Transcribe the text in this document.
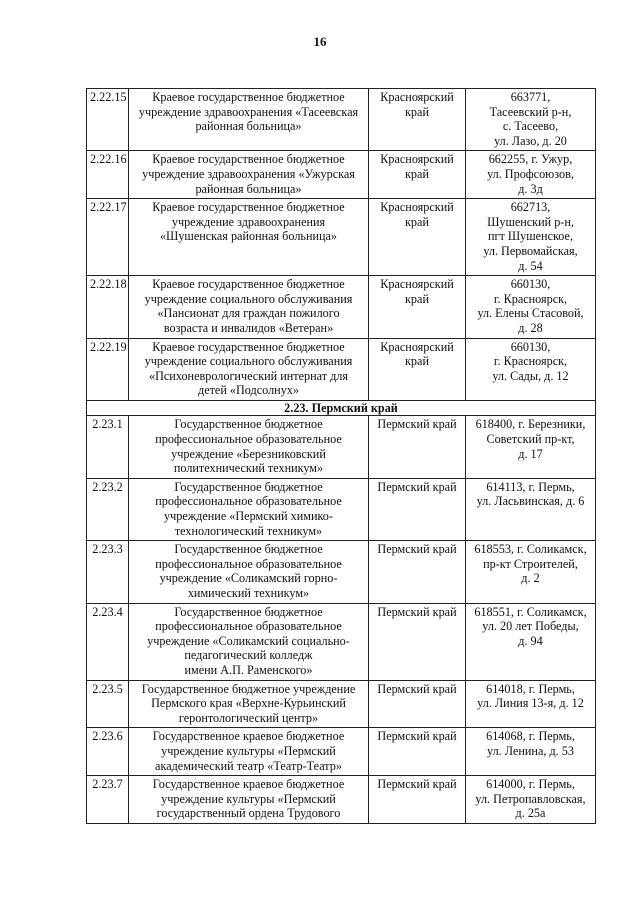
16
2.22.15	Краевое государственное бюджетное
учреждение здравоохранения «Тасеевская
районная больница»	Красноярский
край	663771,
Тасеевский р-н,
с. Тасеево,
ул. Лазо, д. 20
2.22.16	Краевое государственное бюджетное
учреждение здравоохранения «Ужурская
районная больница»	Красноярский
край	662255, г. Ужур,
ул. Профсоюзов,
д. 3д
2.22.17	Краевое государственное бюджетное
учреждение здравоохранения
«Шушенская районная больница»	Красноярский
край	662713,
Шушенский р-н,
пгт Шушенское,
ул. Первомайская,
д. 54
2.22.18	Краевое государственное бюджетное
учреждение социального обслуживания
«Пансионат для граждан пожилого
возраста и инвалидов «Ветеран»	Красноярский
край	660130,
г. Красноярск,
ул. Елены Стасовой,
д. 28
2.22.19	Краевое государственное бюджетное
учреждение социального обслуживания
«Психоневрологический интернат для
детей «Подсолнух»	Красноярский
край	660130,
г. Красноярск,
ул. Сады, д. 12
2.23. Пермский край			
2.23.1	Государственное бюджетное
профессиональное образовательное
учреждение «Березниковский
политехнический техникум»	Пермский край	618400, г. Березники,
Советский пр-кт,
д. 17
2.23.2	Государственное бюджетное
профессиональное образовательное
учреждение «Пермский химико-
технологический техникум»	Пермский край	614113, г. Пермь,
ул. Ласьвинская, д. 6
2.23.3	Государственное бюджетное
профессиональное образовательное
учреждение «Соликамский горно-
химический техникум»	Пермский край	618553, г. Соликамск,
пр-кт Строителей,
д. 2
2.23.4	Государственное бюджетное
профессиональное образовательное
учреждение «Соликамский социально-
педагогический колледж
имени А.П. Раменского»	Пермский край	618551, г. Соликамск,
ул. 20 лет Победы,
д. 94
2.23.5	Государственное бюджетное учреждение
Пермского края «Верхне-Курьинский
геронтологический центр»	Пермский край	614018, г. Пермь,
ул. Линия 13-я, д. 12
2.23.6	Государственное краевое бюджетное
учреждение культуры «Пермский
академический театр «Театр-Театр»	Пермский край	614068, г. Пермь,
ул. Ленина, д. 53
2.23.7	Государственное краевое бюджетное
учреждение культуры «Пермский
государственный ордена Трудового	Пермский край	614000, г. Пермь,
ул. Петропавловская,
д. 25а
